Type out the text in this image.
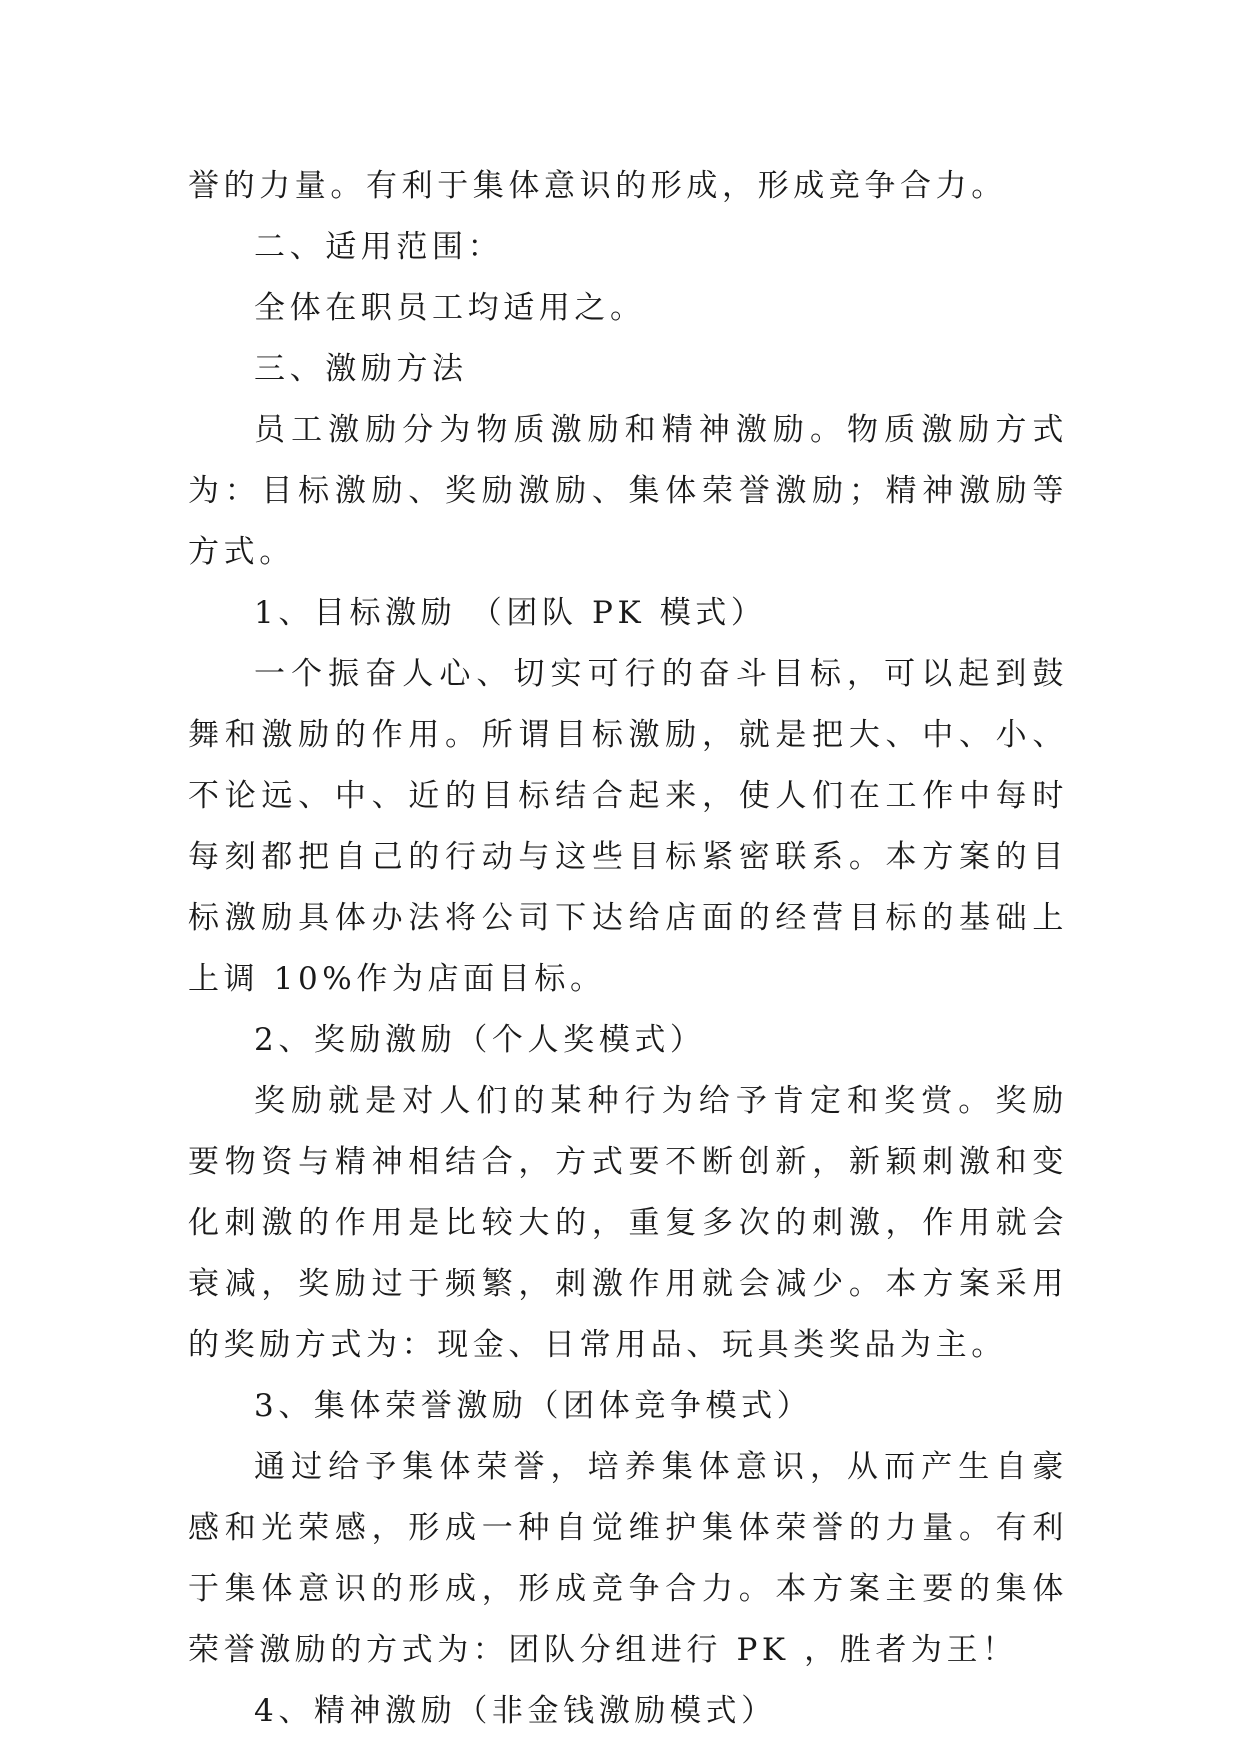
誉的力量。有利于集体意识的形成，形成竞争合力。

二、适用范围：

全体在职员工均适用之。

三、激励方法

员工激励分为物质激励和精神激励。物质激励方式为：目标激励、奖励激励、集体荣誉激励；精神激励等方式。

1、目标激励 （团队 PK 模式）

一个振奋人心、切实可行的奋斗目标，可以起到鼓舞和激励的作用。所谓目标激励，就是把大、中、小、不论远、中、近的目标结合起来，使人们在工作中每时每刻都把自己的行动与这些目标紧密联系。本方案的目标激励具体办法将公司下达给店面的经营目标的基础上上调 10%作为店面目标。

2、奖励激励（个人奖模式）

奖励就是对人们的某种行为给予肯定和奖赏。奖励要物资与精神相结合，方式要不断创新，新颖刺激和变化刺激的作用是比较大的，重复多次的刺激，作用就会衰减，奖励过于频繁，刺激作用就会减少。本方案采用的奖励方式为：现金、日常用品、玩具类奖品为主。

3、集体荣誉激励（团体竞争模式）

通过给予集体荣誉，培养集体意识，从而产生自豪感和光荣感，形成一种自觉维护集体荣誉的力量。有利于集体意识的形成，形成竞争合力。本方案主要的集体荣誉激励的方式为：团队分组进行 PK ，胜者为王！

4、精神激励（非金钱激励模式）
